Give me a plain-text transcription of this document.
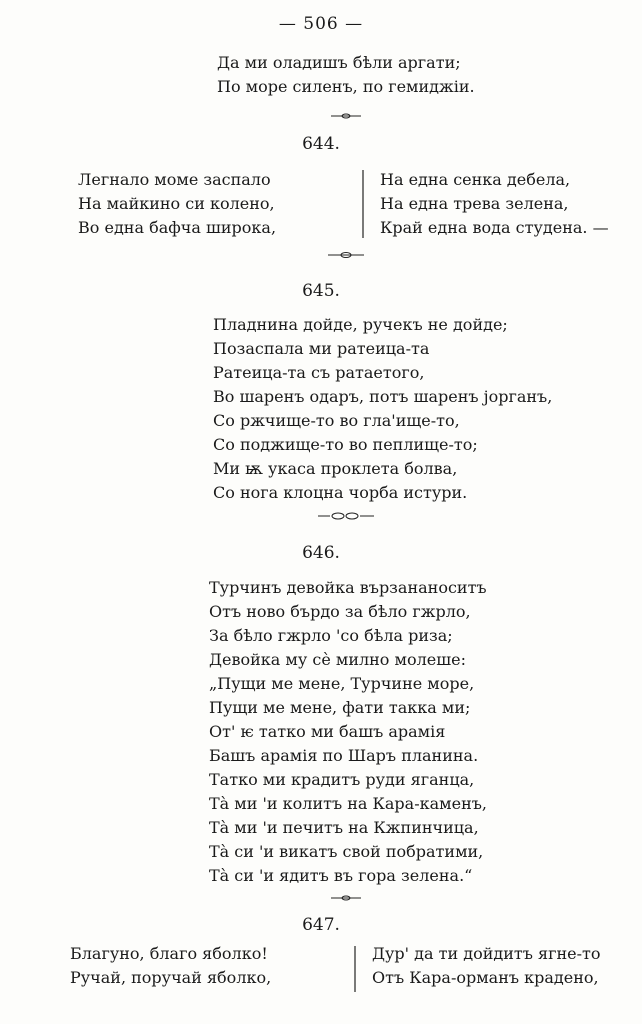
— 506 —
Да ми оладишъ бѣли аргати;
По море силенъ, по гемиджіи.
644.
Легнало моме заспало
На майкино си колено,
Во една бафча широка,
На една сенка дебела,
На една трева зелена,
Край една вода студена. —
645.
Пладнина дойде, ручекъ не дойде;
Позаспала ми ратеица-та
Ратеица-та съ ратаетого,
Во шаренъ одаръ, потъ шаренъ јорганъ,
Со ржчище-то во гла'ище-то,
Со поджище-то во пеплище-то;
Ми ѭ укаса проклета болва,
Со нога клоцна чорба истури.
646.
Турчинъ девойка вързананоситъ
Отъ ново бърдо за бѣло гжрло,
За бѣло гжрло 'со бѣла риза;
Девойка му сѐ милно молеше:
„Пущи ме мене, Турчине море,
Пущи ме мене, фати такка ми;
От' ѥ татко ми башъ арамія
Башъ арамія по Шаръ планина.
Татко ми крадитъ руди яганца,
Тà ми 'и колитъ на Кара-каменъ,
Тà ми 'и печитъ на Кжпинчица,
Тà си 'и викатъ свой побратими,
Тà си 'и ядитъ въ гора зелена.“
647.
Благуно, благо яболко!
Ручай, поручай яболко,
Дур' да ти дойдитъ ягне-то
Отъ Кара-орманъ крадено,
